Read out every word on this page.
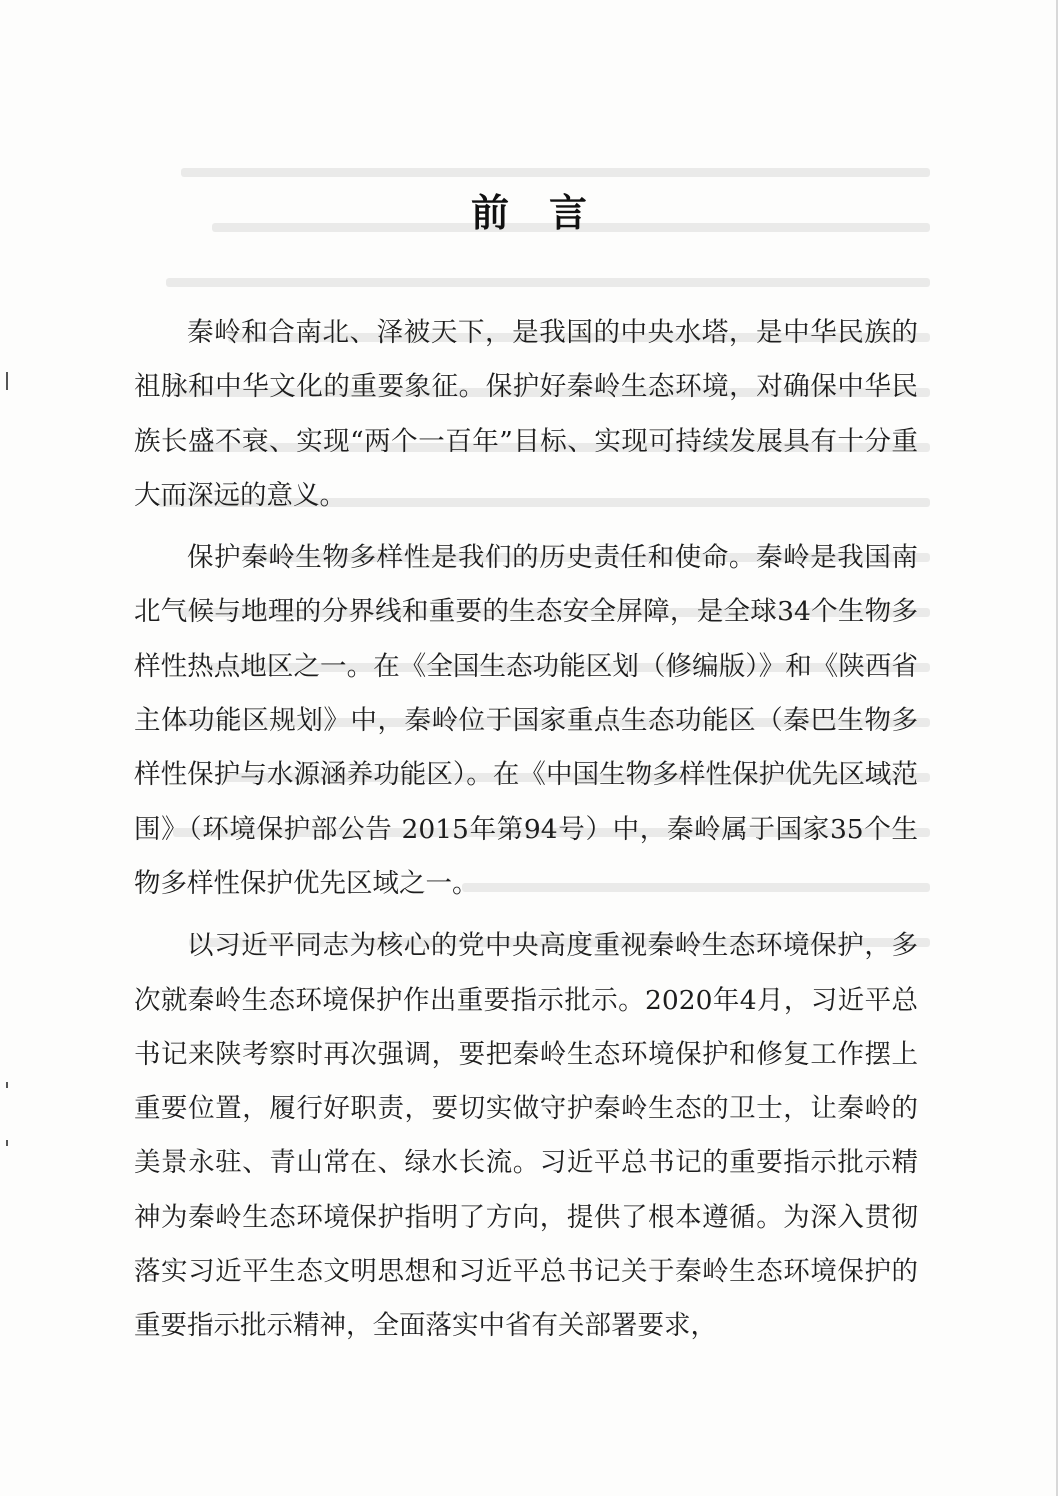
前言

秦岭和合南北、泽被天下，是我国的中央水塔，是中华民族的祖脉和中华文化的重要象征。保护好秦岭生态环境，对确保中华民族长盛不衰、实现“两个一百年”目标、实现可持续发展具有十分重大而深远的意义。

保护秦岭生物多样性是我们的历史责任和使命。秦岭是我国南北气候与地理的分界线和重要的生态安全屏障，是全球34个生物多样性热点地区之一。在《全国生态功能区划（修编版）》和《陕西省主体功能区规划》中，秦岭位于国家重点生态功能区（秦巴生物多样性保护与水源涵养功能区）。在《中国生物多样性保护优先区域范围》（环境保护部公告 2015年第94号）中，秦岭属于国家35个生物多样性保护优先区域之一。

以习近平同志为核心的党中央高度重视秦岭生态环境保护，多次就秦岭生态环境保护作出重要指示批示。2020年4月，习近平总书记来陕考察时再次强调，要把秦岭生态环境保护和修复工作摆上重要位置，履行好职责，要切实做守护秦岭生态的卫士，让秦岭的美景永驻、青山常在、绿水长流。习近平总书记的重要指示批示精神为秦岭生态环境保护指明了方向，提供了根本遵循。为深入贯彻落实习近平生态文明思想和习近平总书记关于秦岭生态环境保护的重要指示批示精神，全面落实中省有关部署要求，
